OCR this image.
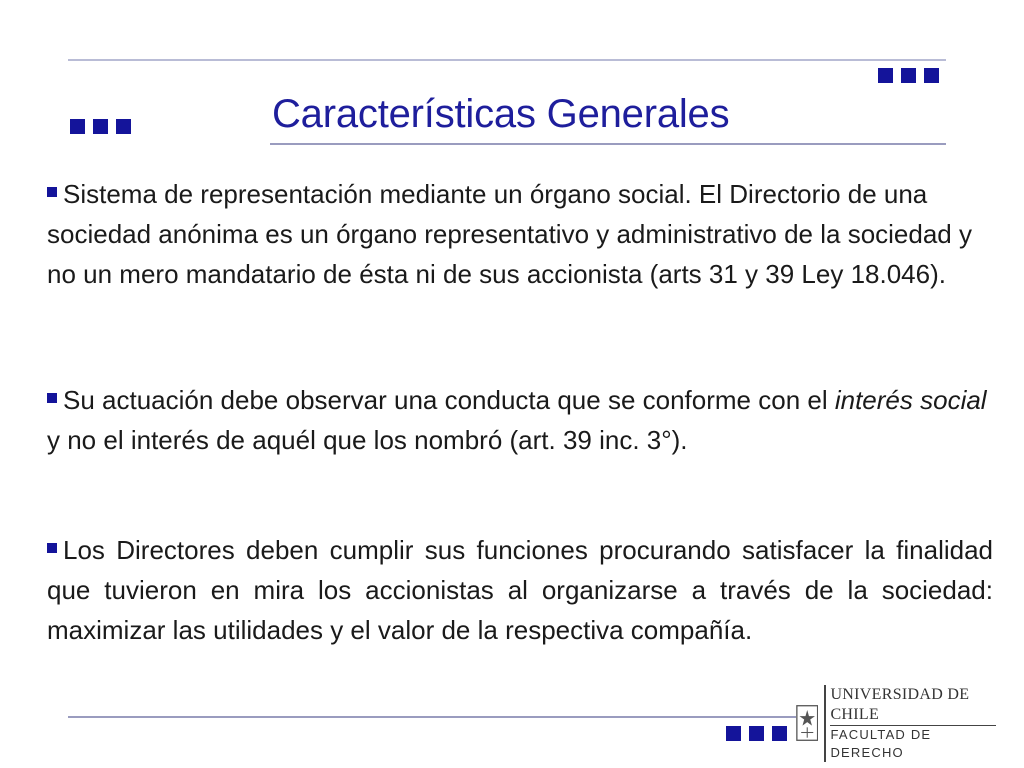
Características Generales
Sistema de representación mediante un órgano social. El Directorio de una sociedad anónima es un órgano representativo y administrativo de la sociedad y no un mero mandatario de ésta ni de sus accionista (arts 31 y 39 Ley 18.046).
Su actuación debe observar una conducta que se conforme con el interés social y no el interés de aquél que los nombró (art. 39 inc. 3°).
Los Directores deben cumplir sus funciones procurando satisfacer la finalidad que tuvieron en mira los accionistas al organizarse a través de la sociedad: maximizar las utilidades y el valor de la respectiva compañía.
UNIVERSIDAD DE CHILE
FACULTAD DE DERECHO
